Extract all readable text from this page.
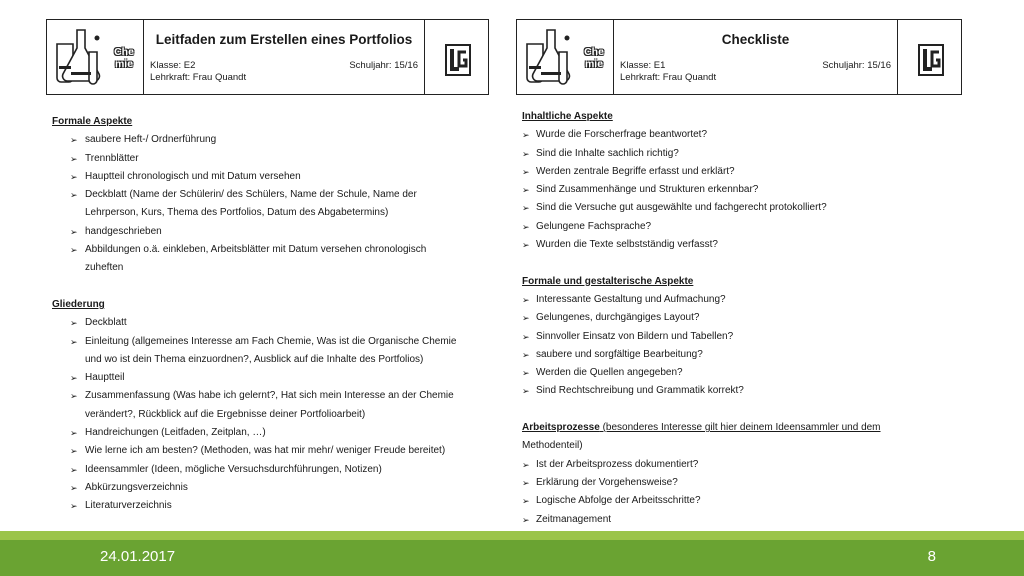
Che
mie
Leitfaden zum Erstellen eines Portfolios
Klasse: E2
Lehrkraft: Frau Quandt
Schuljahr: 15/16
Formale Aspekte
➢ saubere Heft-/ Ordnerführung
➢ Trennblätter
➢ Hauptteil chronologisch und mit Datum versehen
➢ Deckblatt (Name der Schülerin/ des Schülers, Name der Schule, Name der
Lehrperson, Kurs, Thema des Portfolios, Datum des Abgabetermins)
➢ handgeschrieben
➢ Abbildungen o.ä. einkleben, Arbeitsblätter mit Datum versehen chronologisch
zuheften
Gliederung
➢ Deckblatt
➢ Einleitung (allgemeines Interesse am Fach Chemie, Was ist die Organische Chemie
und wo ist dein Thema einzuordnen?, Ausblick auf die Inhalte des Portfolios)
➢ Hauptteil
➢ Zusammenfassung (Was habe ich gelernt?, Hat sich mein Interesse an der Chemie
verändert?, Rückblick auf die Ergebnisse deiner Portfolioarbeit)
➢ Handreichungen (Leitfaden, Zeitplan, …)
➢ Wie lerne ich am besten? (Methoden, was hat mir mehr/ weniger Freude bereitet)
➢ Ideensammler (Ideen, mögliche Versuchsdurchführungen, Notizen)
➢ Abkürzungsverzeichnis
➢ Literaturverzeichnis
Che
mie
Checkliste
Klasse: E1
Lehrkraft: Frau Quandt
Schuljahr: 15/16
Inhaltliche Aspekte
➢ Wurde die Forscherfrage beantwortet?
➢ Sind die Inhalte sachlich richtig?
➢ Werden zentrale Begriffe erfasst und erklärt?
➢ Sind Zusammenhänge und Strukturen erkennbar?
➢ Sind die Versuche gut ausgewählte und fachgerecht protokolliert?
➢ Gelungene Fachsprache?
➢ Wurden die Texte selbstständig verfasst?
Formale und gestalterische Aspekte
➢ Interessante Gestaltung und Aufmachung?
➢ Gelungenes, durchgängiges Layout?
➢ Sinnvoller Einsatz von Bildern und Tabellen?
➢ saubere und sorgfältige Bearbeitung?
➢ Werden die Quellen angegeben?
➢ Sind Rechtschreibung und Grammatik korrekt?
Arbeitsprozesse (besonderes Interesse gilt hier deinem Ideensammler und dem
Methodenteil)
➢ Ist der Arbeitsprozess dokumentiert?
➢ Erklärung der Vorgehensweise?
➢ Logische Abfolge der Arbeitsschritte?
➢ Zeitmanagement
24.01.2017	8
